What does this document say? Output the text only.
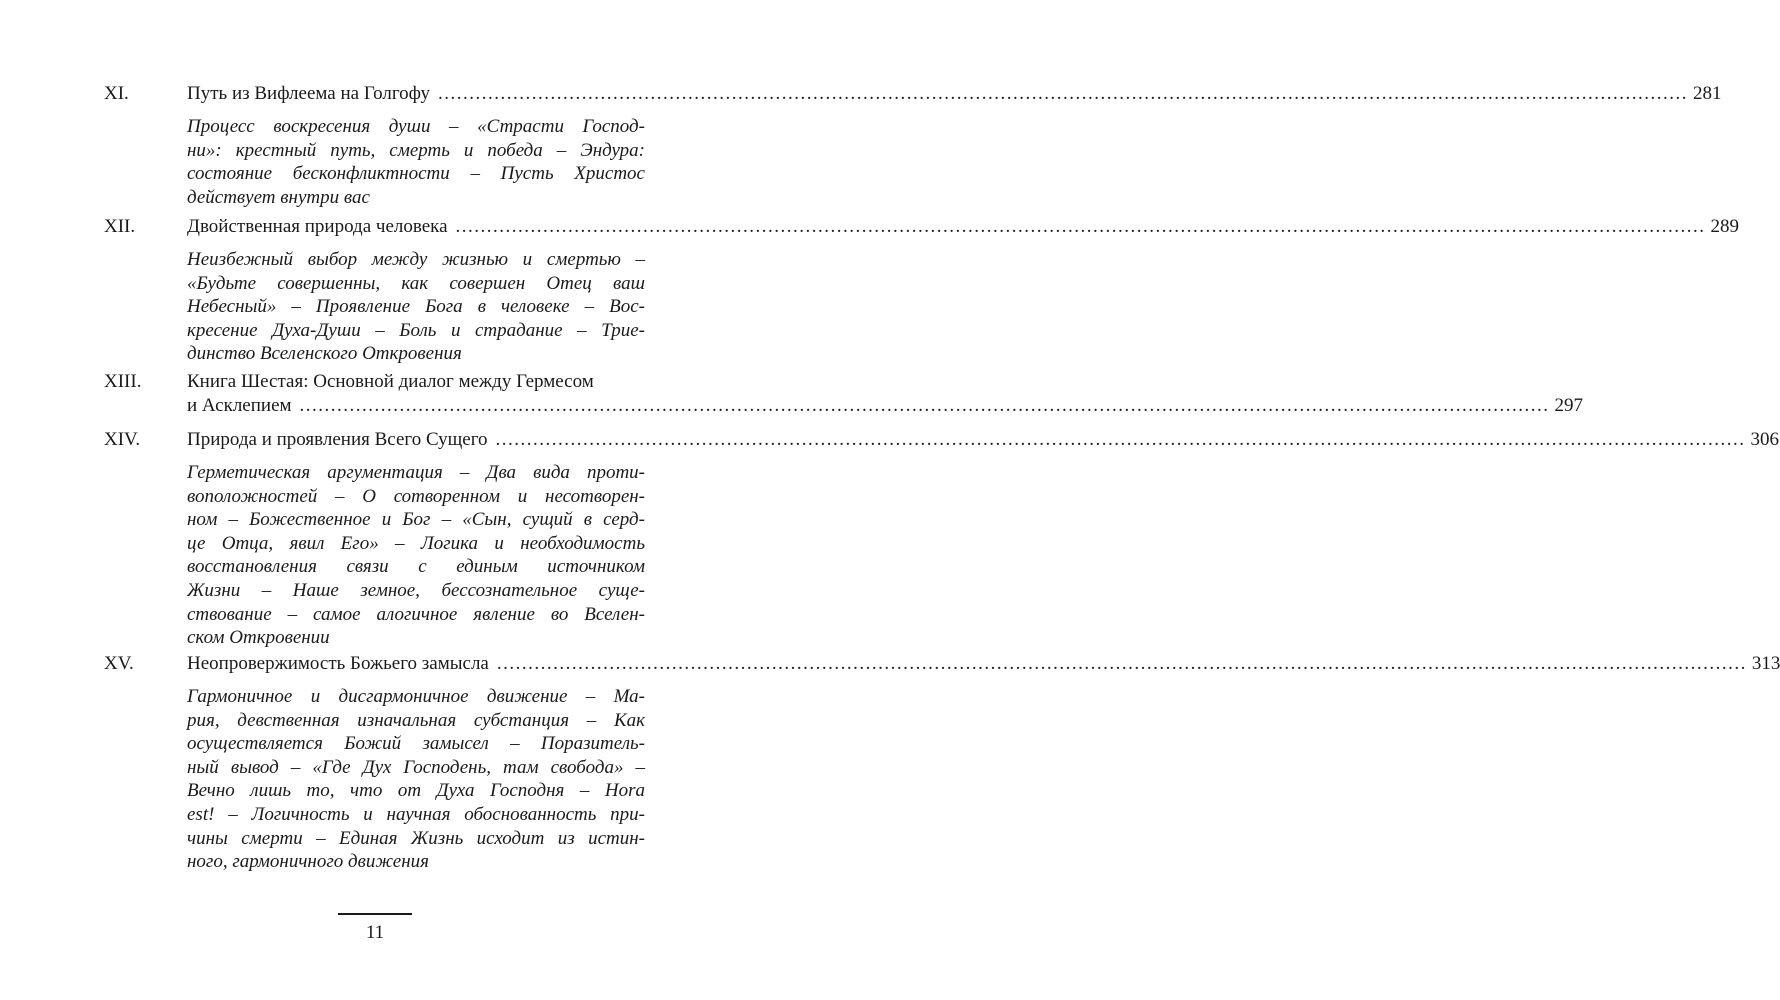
XI.	Путь из Вифлеема на Голгофу ........................................................................................................................................................................................................ 281
Процесс воскресения души – «Страсти Господ-
ни»: крестный путь, смерть и победа – Эндура:
состояние бесконфликтности – Пусть Христос
действует внутри вас
XII.	Двойственная природа человека ........................................................................................................................................................................................................ 289
Неизбежный выбор между жизнью и смертью –
«Будьте совершенны, как совершен Отец ваш
Небесный» – Проявление Бога в человеке – Вос-
кресение Духа-Души – Боль и страдание – Трие-
динство Вселенского Откровения
XIII. Книга Шестая: Основной диалог между Гермесом
и Асклепием ........................................................................................................................................................................................................ 297
XIV. Природа и проявления Всего Сущего ........................................................................................................................................................................................................ 306
Герметическая аргументация – Два вида проти-
воположностей – О сотворенном и несотворен-
ном – Божественное и Бог – «Сын, сущий в серд-
це Отца, явил Его» – Логика и необходимость
восстановления связи с единым источником
Жизни – Наше земное, бессознательное суще-
ствование – самое алогичное явление во Вселен-
ском Откровении
XV.	Неопровержимость Божьего замысла ........................................................................................................................................................................................................ 313
Гармоничное и дисгармоничное движение – Ма-
рия, девственная изначальная субстанция – Как
осуществляется Божий замысел – Поразитель-
ный вывод – «Где Дух Господень, там свобода» –
Вечно лишь то, что от Духа Господня – Hora
est! – Логичность и научная обоснованность при-
чины смерти – Единая Жизнь исходит из истин-
ного, гармоничного движения
11
